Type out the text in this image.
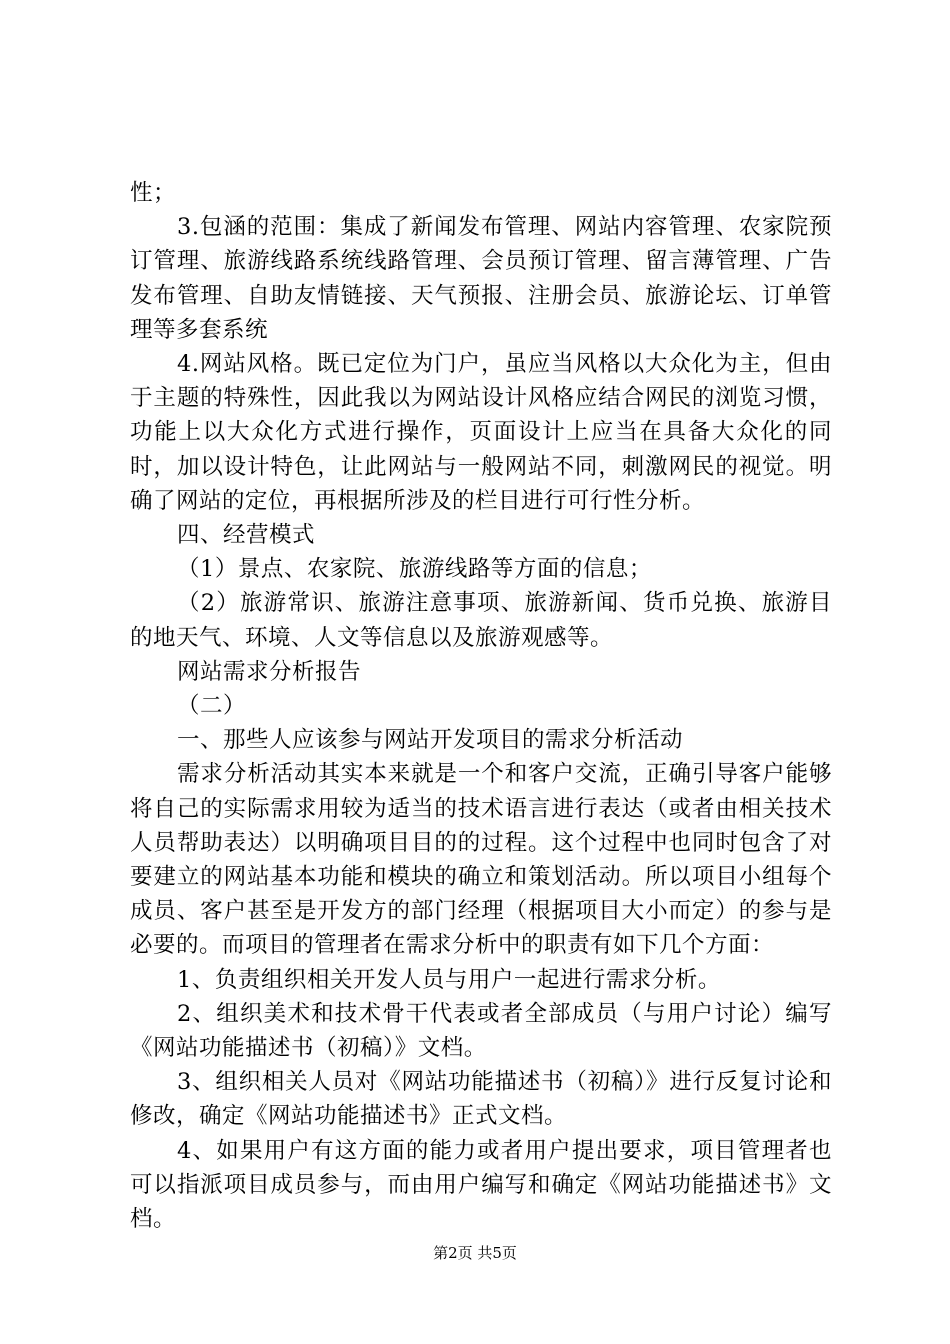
性；

3.包涵的范围：集成了新闻发布管理、网站内容管理、农家院预订管理、旅游线路系统线路管理、会员预订管理、留言薄管理、广告发布管理、自助友情链接、天气预报、注册会员、旅游论坛、订单管理等多套系统

4.网站风格。既已定位为门户，虽应当风格以大众化为主，但由于主题的特殊性，因此我以为网站设计风格应结合网民的浏览习惯，功能上以大众化方式进行操作，页面设计上应当在具备大众化的同时，加以设计特色，让此网站与一般网站不同，刺激网民的视觉。明确了网站的定位，再根据所涉及的栏目进行可行性分析。

四、经营模式

（1）景点、农家院、旅游线路等方面的信息；

（2）旅游常识、旅游注意事项、旅游新闻、货币兑换、旅游目的地天气、环境、人文等信息以及旅游观感等。

网站需求分析报告

（二）

一、那些人应该参与网站开发项目的需求分析活动

需求分析活动其实本来就是一个和客户交流，正确引导客户能够将自己的实际需求用较为适当的技术语言进行表达（或者由相关技术人员帮助表达）以明确项目目的的过程。这个过程中也同时包含了对要建立的网站基本功能和模块的确立和策划活动。所以项目小组每个成员、客户甚至是开发方的部门经理（根据项目大小而定）的参与是必要的。而项目的管理者在需求分析中的职责有如下几个方面：

1、负责组织相关开发人员与用户一起进行需求分析。

2、组织美术和技术骨干代表或者全部成员（与用户讨论）编写《网站功能描述书（初稿）》文档。

3、组织相关人员对《网站功能描述书（初稿）》进行反复讨论和修改，确定《网站功能描述书》正式文档。

4、如果用户有这方面的能力或者用户提出要求，项目管理者也可以指派项目成员参与，而由用户编写和确定《网站功能描述书》文档。

第2页 共5页
